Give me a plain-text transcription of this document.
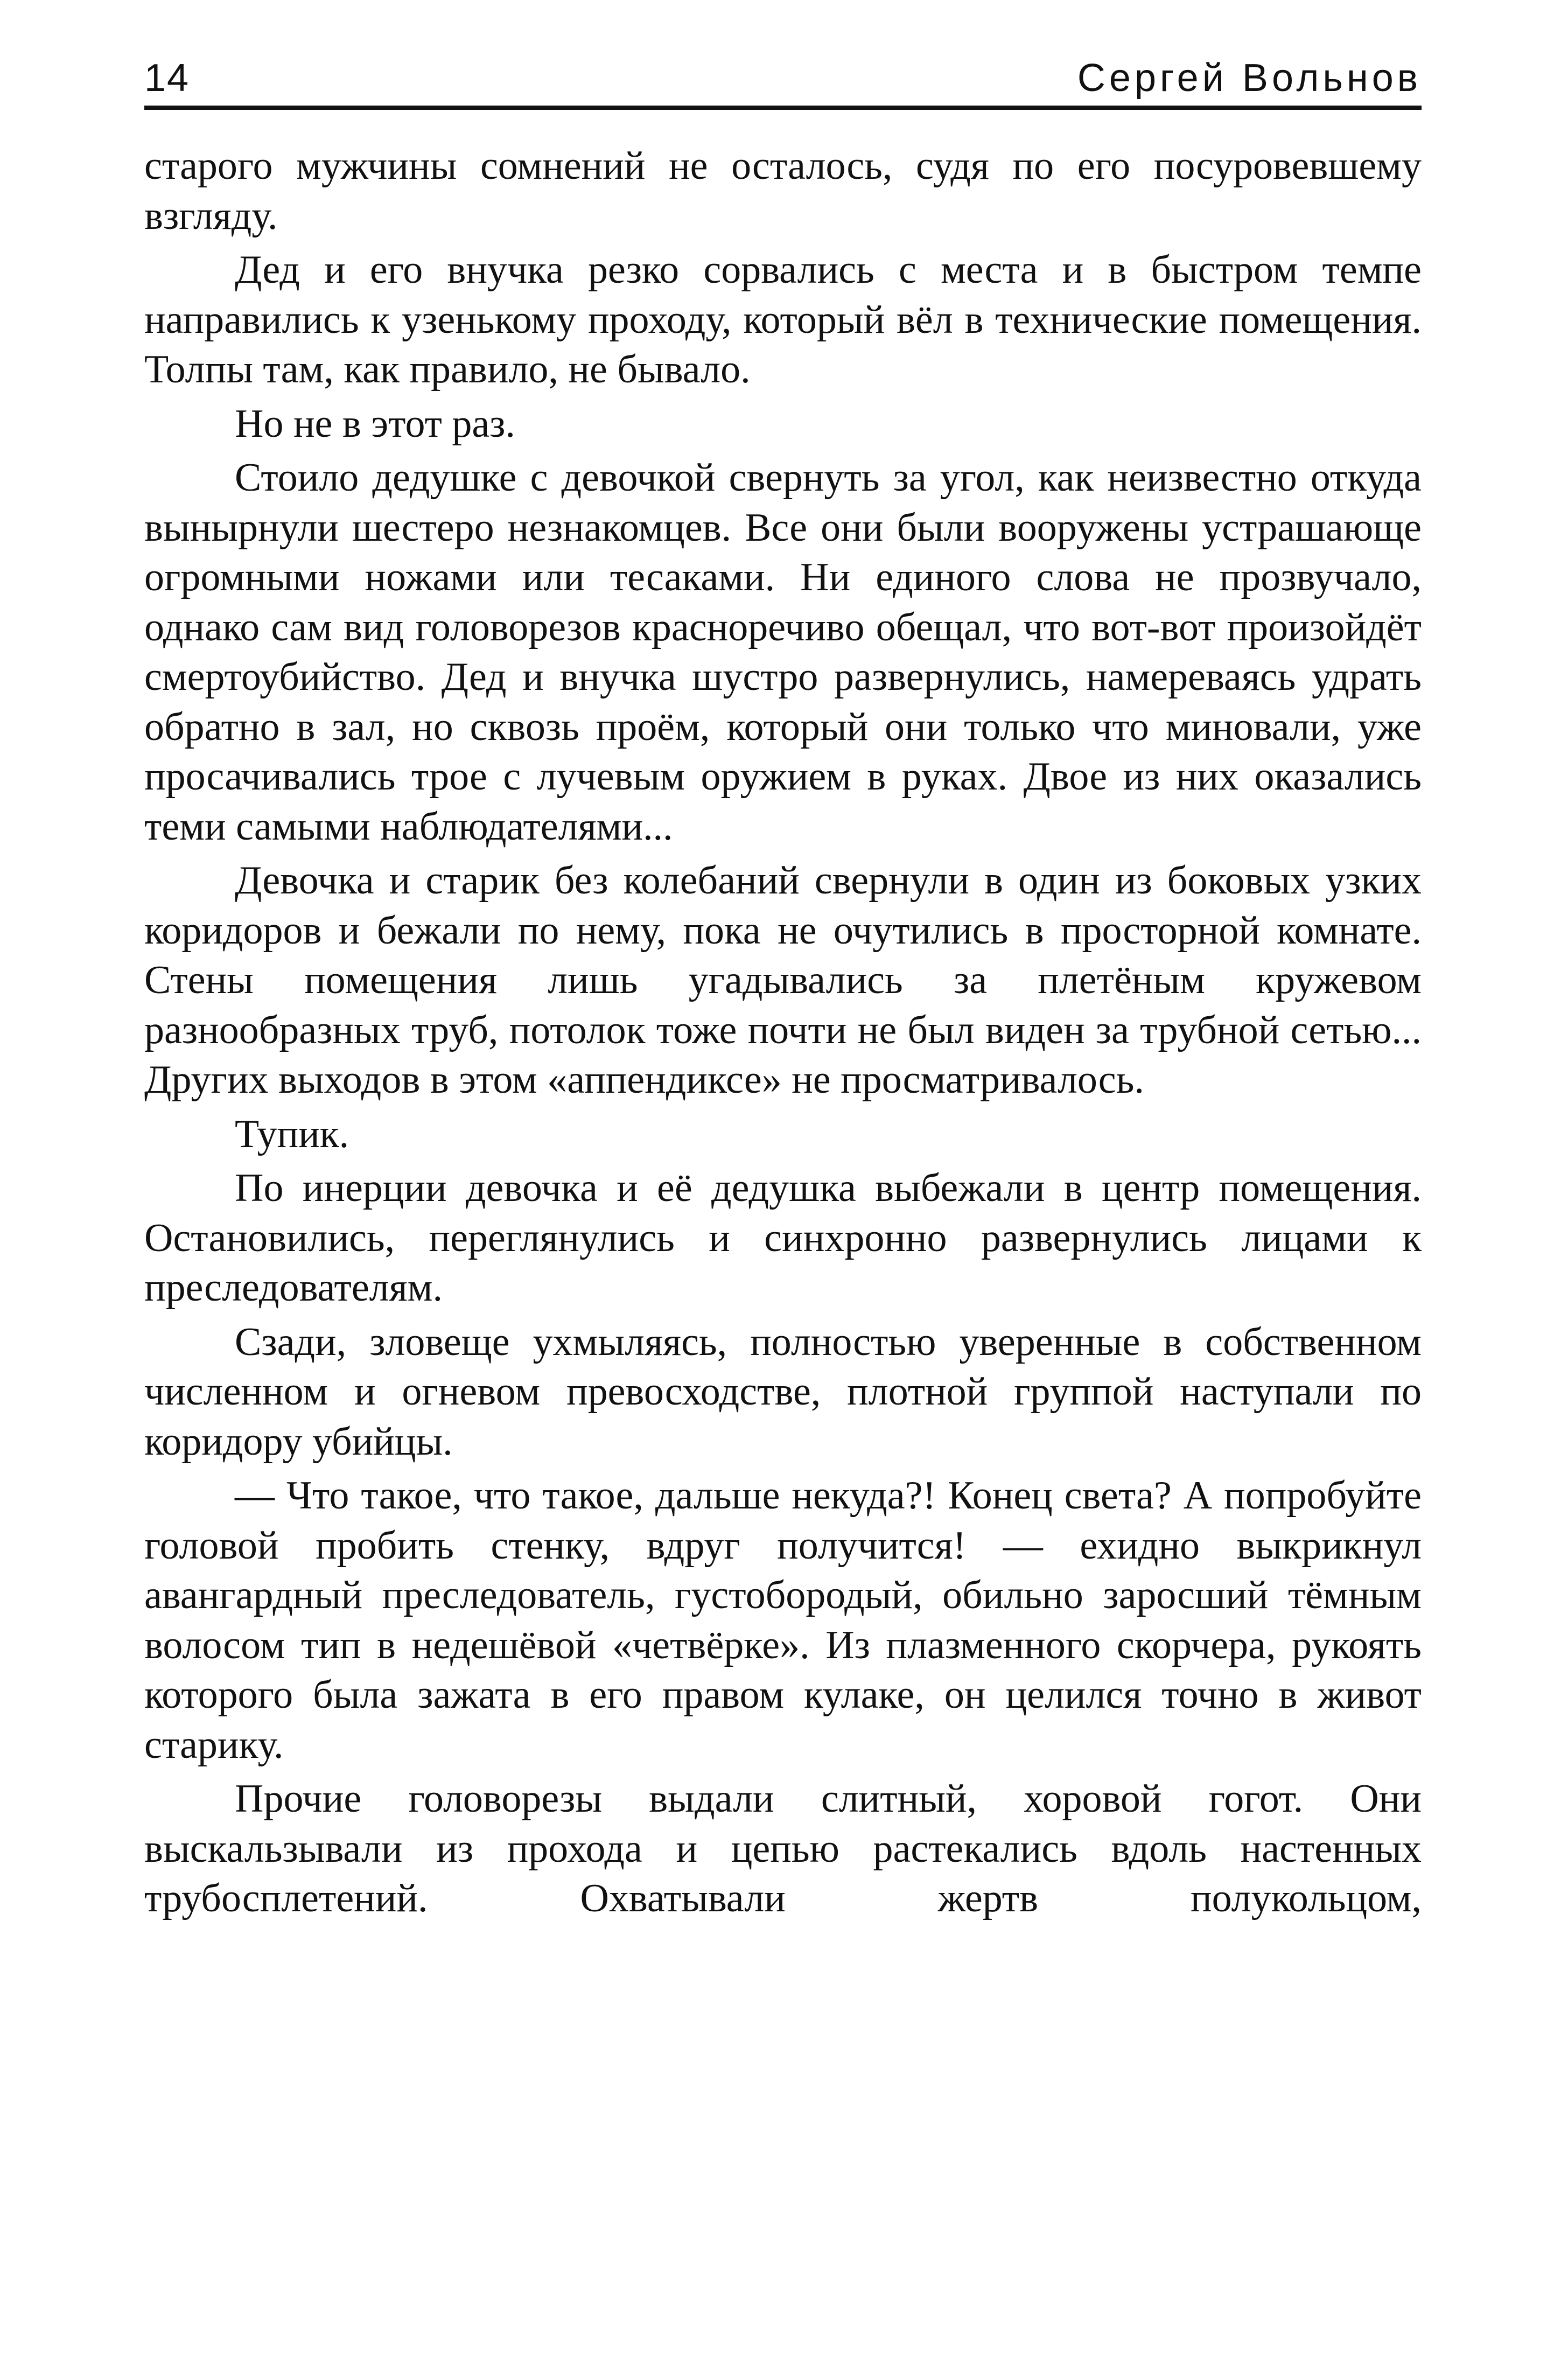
14	Сергей Вольнов

старого мужчины сомнений не осталось, судя по его посуровевшему взгляду.

Дед и его внучка резко сорвались с места и в быстром темпе направились к узенькому проходу, который вёл в технические помещения. Толпы там, как правило, не бывало.

Но не в этот раз.

Стоило дедушке с девочкой свернуть за угол, как неизвестно откуда вынырнули шестеро незнакомцев. Все они были вооружены устрашающе огромными ножами или тесаками. Ни единого слова не прозвучало, однако сам вид головорезов красноречиво обещал, что вот-вот произойдёт смертоубийство. Дед и внучка шустро развернулись, намереваясь удрать обратно в зал, но сквозь проём, который они только что миновали, уже просачивались трое с лучевым оружием в руках. Двое из них оказались теми самыми наблюдателями...

Девочка и старик без колебаний свернули в один из боковых узких коридоров и бежали по нему, пока не очутились в просторной комнате. Стены помещения лишь угадывались за плетёным кружевом разнообразных труб, потолок тоже почти не был виден за трубной сетью... Других выходов в этом «аппендиксе» не просматривалось.

Тупик.

По инерции девочка и её дедушка выбежали в центр помещения. Остановились, переглянулись и синхронно развернулись лицами к преследователям.

Сзади, зловеще ухмыляясь, полностью уверенные в собственном численном и огневом превосходстве, плотной группой наступали по коридору убийцы.

— Что такое, что такое, дальше некуда?! Конец света? А попробуйте головой пробить стенку, вдруг получится! — ехидно выкрикнул авангардный преследователь, густобородый, обильно заросший тёмным волосом тип в недешёвой «четвёрке». Из плазменного скорчера, рукоять которого была зажата в его правом кулаке, он целился точно в живот старику.

Прочие головорезы выдали слитный, хоровой гогот. Они выскальзывали из прохода и цепью растекались вдоль настенных трубосплетений. Охватывали жертв полукольцом,
